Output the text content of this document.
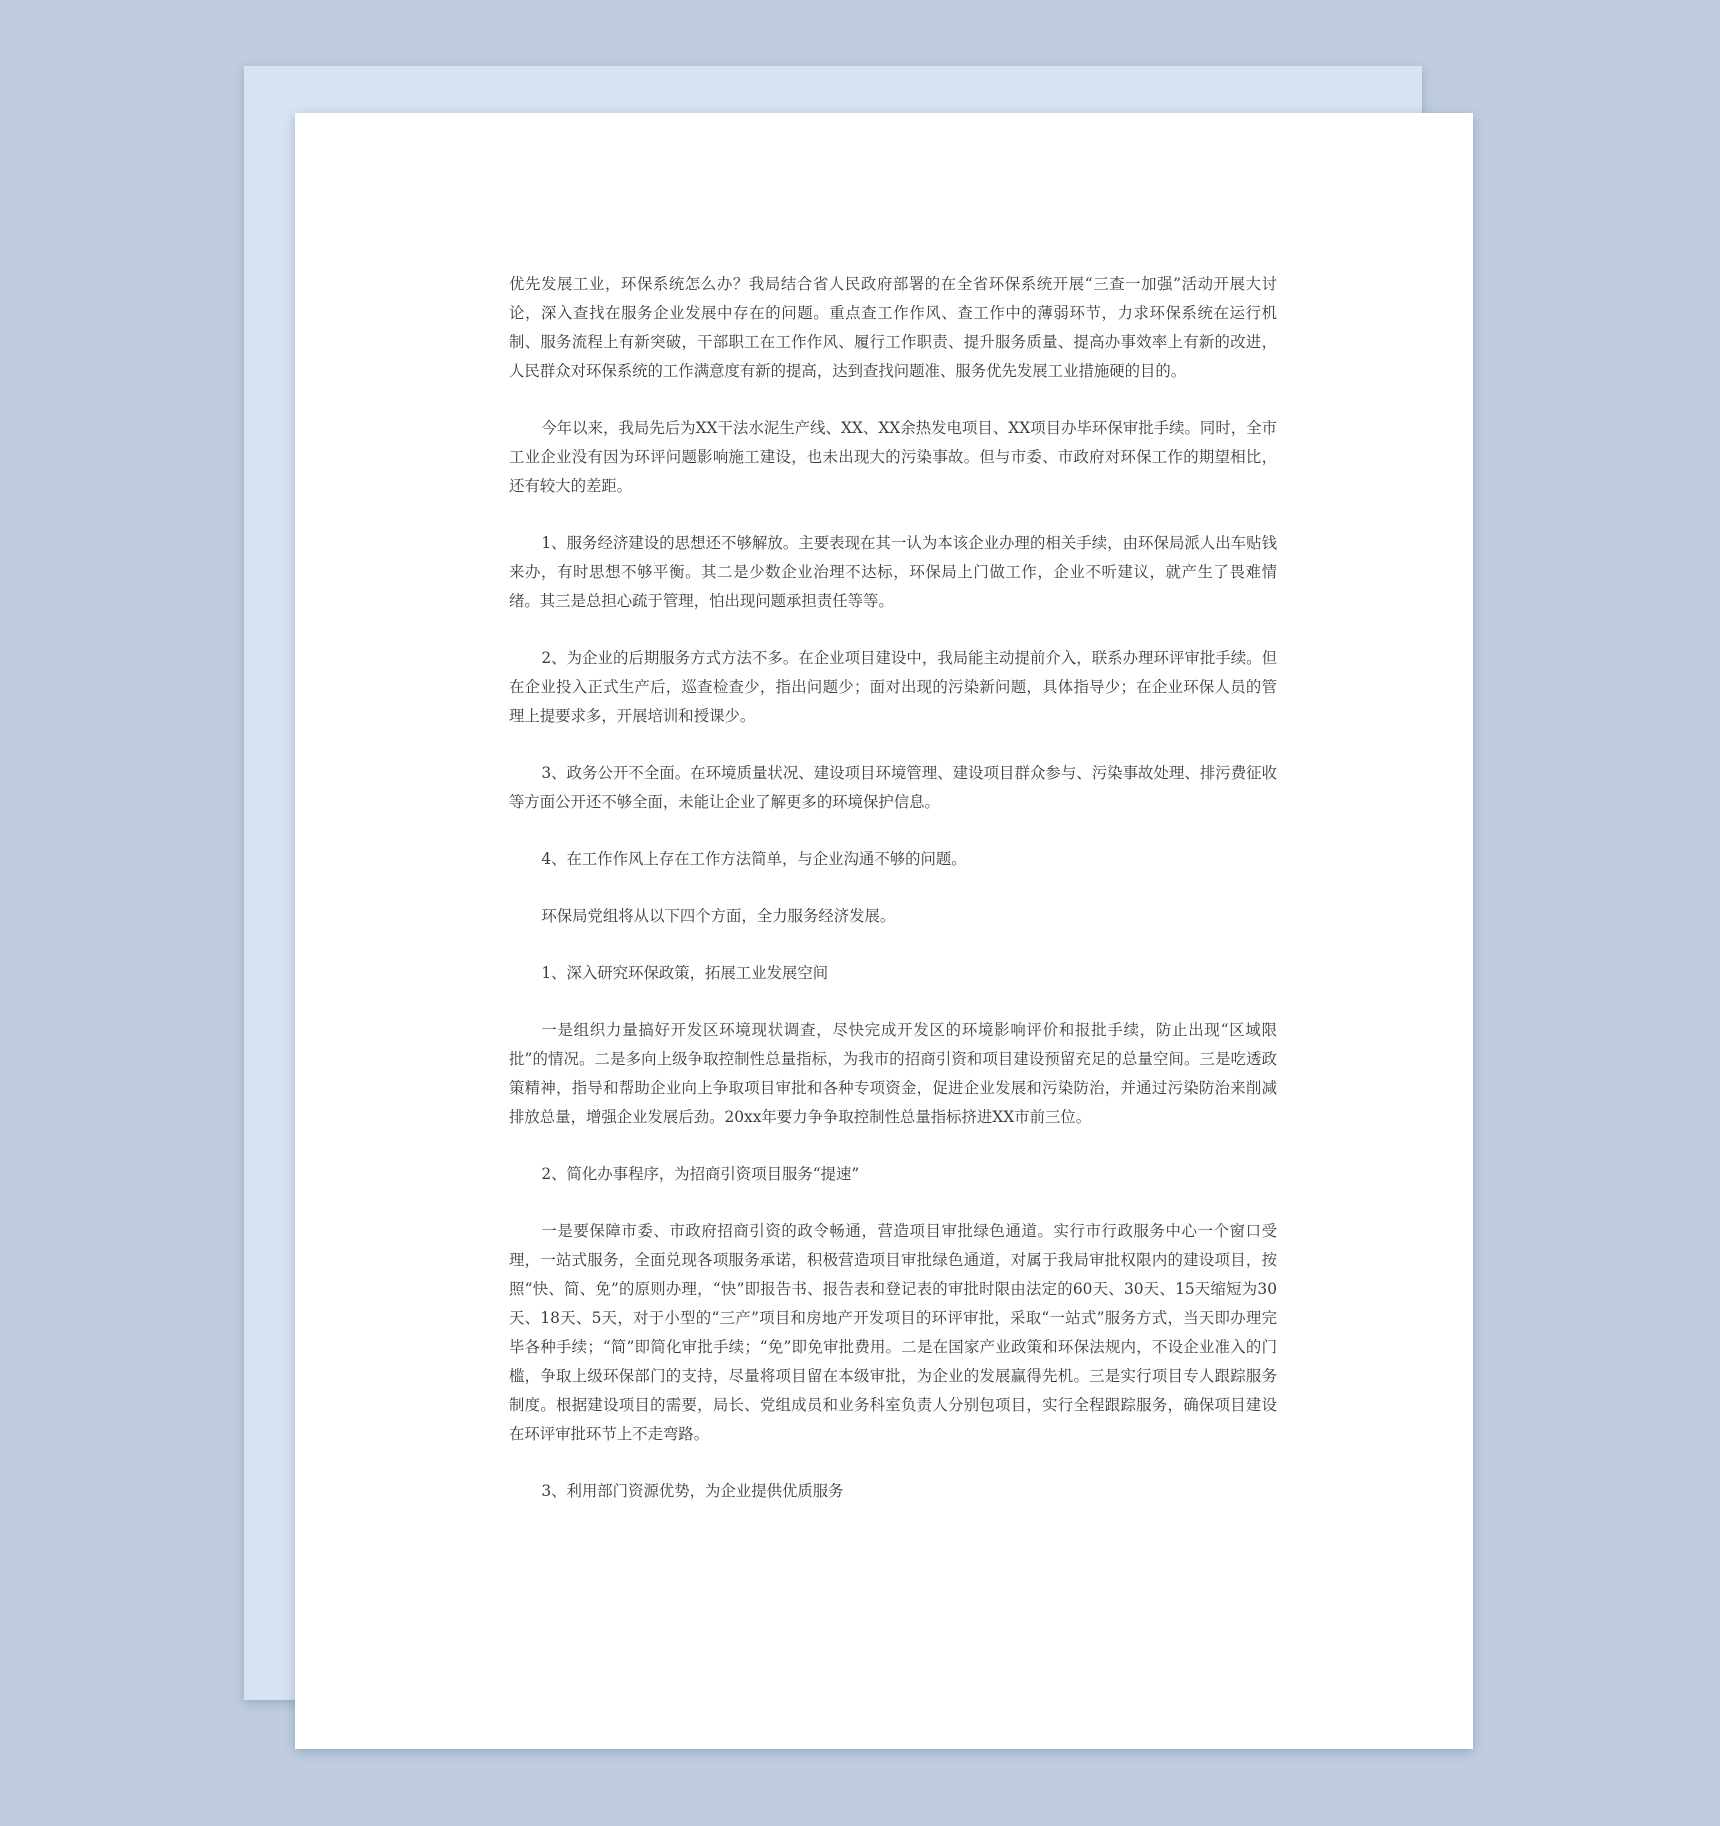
优先发展工业，环保系统怎么办？我局结合省人民政府部署的在全省环保系统开展“三查一加强”活动开展大讨论，深入查找在服务企业发展中存在的问题。重点查工作作风、查工作中的薄弱环节，力求环保系统在运行机制、服务流程上有新突破，干部职工在工作作风、履行工作职责、提升服务质量、提高办事效率上有新的改进，人民群众对环保系统的工作满意度有新的提高，达到查找问题准、服务优先发展工业措施硬的目的。

今年以来，我局先后为XX干法水泥生产线、XX、XX余热发电项目、XX项目办毕环保审批手续。同时，全市工业企业没有因为环评问题影响施工建设，也未出现大的污染事故。但与市委、市政府对环保工作的期望相比，还有较大的差距。

1、服务经济建设的思想还不够解放。主要表现在其一认为本该企业办理的相关手续，由环保局派人出车贴钱来办，有时思想不够平衡。其二是少数企业治理不达标，环保局上门做工作，企业不听建议，就产生了畏难情绪。其三是总担心疏于管理，怕出现问题承担责任等等。

2、为企业的后期服务方式方法不多。在企业项目建设中，我局能主动提前介入，联系办理环评审批手续。但在企业投入正式生产后，巡查检查少，指出问题少；面对出现的污染新问题，具体指导少；在企业环保人员的管理上提要求多，开展培训和授课少。

3、政务公开不全面。在环境质量状况、建设项目环境管理、建设项目群众参与、污染事故处理、排污费征收等方面公开还不够全面，未能让企业了解更多的环境保护信息。

4、在工作作风上存在工作方法简单，与企业沟通不够的问题。

环保局党组将从以下四个方面，全力服务经济发展。

1、深入研究环保政策，拓展工业发展空间

一是组织力量搞好开发区环境现状调查，尽快完成开发区的环境影响评价和报批手续，防止出现“区域限批”的情况。二是多向上级争取控制性总量指标，为我市的招商引资和项目建设预留充足的总量空间。三是吃透政策精神，指导和帮助企业向上争取项目审批和各种专项资金，促进企业发展和污染防治，并通过污染防治来削减排放总量，增强企业发展后劲。20xx年要力争争取控制性总量指标挤进XX市前三位。

2、简化办事程序，为招商引资项目服务“提速”

一是要保障市委、市政府招商引资的政令畅通，营造项目审批绿色通道。实行市行政服务中心一个窗口受理，一站式服务，全面兑现各项服务承诺，积极营造项目审批绿色通道，对属于我局审批权限内的建设项目，按照“快、简、免”的原则办理，“快”即报告书、报告表和登记表的审批时限由法定的60天、30天、15天缩短为30天、18天、5天，对于小型的“三产”项目和房地产开发项目的环评审批，采取“一站式”服务方式，当天即办理完毕各种手续；“简”即简化审批手续；“免”即免审批费用。二是在国家产业政策和环保法规内，不设企业准入的门槛，争取上级环保部门的支持，尽量将项目留在本级审批，为企业的发展赢得先机。三是实行项目专人跟踪服务制度。根据建设项目的需要，局长、党组成员和业务科室负责人分别包项目，实行全程跟踪服务，确保项目建设在环评审批环节上不走弯路。

3、利用部门资源优势，为企业提供优质服务
